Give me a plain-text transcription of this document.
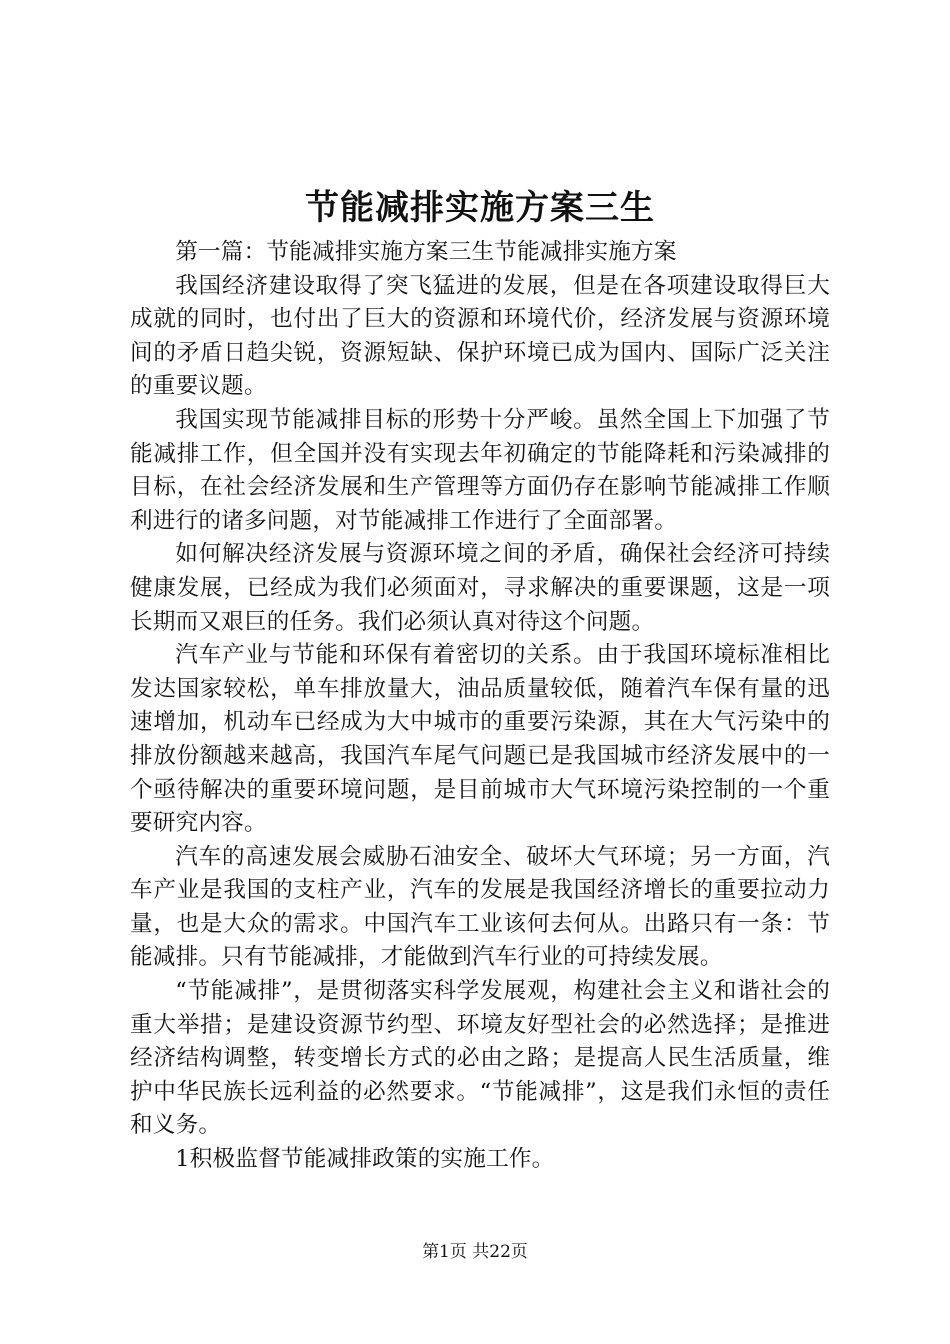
节能减排实施方案三生

第一篇：节能减排实施方案三生节能减排实施方案

我国经济建设取得了突飞猛进的发展，但是在各项建设取得巨大成就的同时，也付出了巨大的资源和环境代价，经济发展与资源环境间的矛盾日趋尖锐，资源短缺、保护环境已成为国内、国际广泛关注的重要议题。

我国实现节能减排目标的形势十分严峻。虽然全国上下加强了节能减排工作，但全国并没有实现去年初确定的节能降耗和污染减排的目标，在社会经济发展和生产管理等方面仍存在影响节能减排工作顺利进行的诸多问题，对节能减排工作进行了全面部署。

如何解决经济发展与资源环境之间的矛盾，确保社会经济可持续健康发展，已经成为我们必须面对，寻求解决的重要课题，这是一项长期而又艰巨的任务。我们必须认真对待这个问题。

汽车产业与节能和环保有着密切的关系。由于我国环境标准相比发达国家较松，单车排放量大，油品质量较低，随着汽车保有量的迅速增加，机动车已经成为大中城市的重要污染源，其在大气污染中的排放份额越来越高，我国汽车尾气问题已是我国城市经济发展中的一个亟待解决的重要环境问题，是目前城市大气环境污染控制的一个重要研究内容。

汽车的高速发展会威胁石油安全、破坏大气环境；另一方面，汽车产业是我国的支柱产业，汽车的发展是我国经济增长的重要拉动力量，也是大众的需求。中国汽车工业该何去何从。出路只有一条：节能减排。只有节能减排，才能做到汽车行业的可持续发展。

“节能减排”，是贯彻落实科学发展观，构建社会主义和谐社会的重大举措；是建设资源节约型、环境友好型社会的必然选择；是推进经济结构调整，转变增长方式的必由之路；是提高人民生活质量，维护中华民族长远利益的必然要求。“节能减排”，这是我们永恒的责任和义务。

1积极监督节能减排政策的实施工作。

第1页 共22页
